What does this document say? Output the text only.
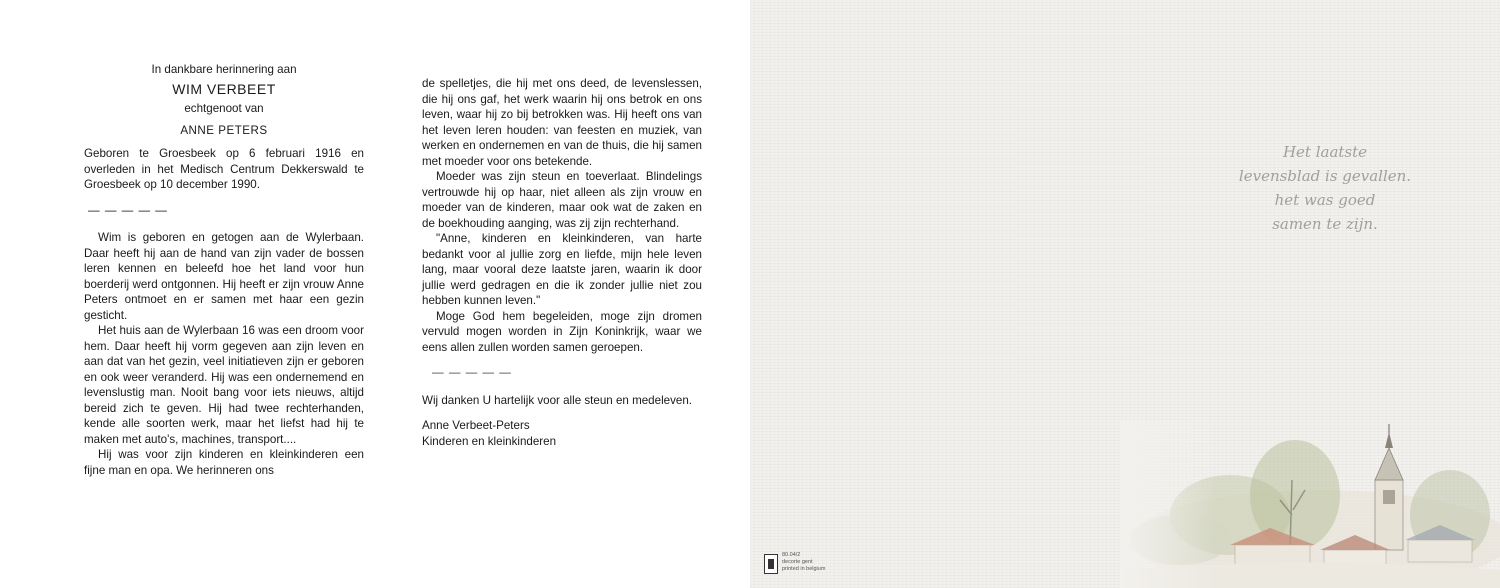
In dankbare herinnering aan

WIM VERBEET

echtgenoot van

ANNE PETERS

Geboren te Groesbeek op 6 februari 1916 en overleden in het Medisch Centrum Dekkerswald te Groesbeek op 10 december 1990.

— — — — —

Wim is geboren en getogen aan de Wylerbaan. Daar heeft hij aan de hand van zijn vader de bossen leren kennen en beleefd hoe het land voor hun boerderij werd ontgonnen. Hij heeft er zijn vrouw Anne Peters ontmoet en er samen met haar een gezin gesticht.

Het huis aan de Wylerbaan 16 was een droom voor hem. Daar heeft hij vorm gegeven aan zijn leven en aan dat van het gezin, veel initiatieven zijn er geboren en ook weer veranderd. Hij was een ondernemend en levenslustig man. Nooit bang voor iets nieuws, altijd bereid zich te geven. Hij had twee rechterhanden, kende alle soorten werk, maar het liefst had hij te maken met auto's, machines, transport....

Hij was voor zijn kinderen en kleinkinderen een fijne man en opa. We herinneren ons

de spelletjes, die hij met ons deed, de levenslessen, die hij ons gaf, het werk waarin hij ons betrok en ons leven, waar hij zo bij betrokken was. Hij heeft ons van het leven leren houden: van feesten en muziek, van werken en ondernemen en van de thuis, die hij samen met moeder voor ons betekende.

Moeder was zijn steun en toeverlaat. Blindelings vertrouwde hij op haar, niet alleen als zijn vrouw en moeder van de kinderen, maar ook wat de zaken en de boekhouding aanging, was zij zijn rechterhand.

"Anne, kinderen en kleinkinderen, van harte bedankt voor al jullie zorg en liefde, mijn hele leven lang, maar vooral deze laatste jaren, waarin ik door jullie werd gedragen en die ik zonder jullie niet zou hebben kunnen leven."

Moge God hem begeleiden, moge zijn dromen vervuld mogen worden in Zijn Koninkrijk, waar we eens allen zullen worden samen geroepen.

— — — — —

Wij danken U hartelijk voor alle steun en medeleven.

Anne Verbeet-Peters

Kinderen en kleinkinderen

Het laatste
levensblad is gevallen.
het was goed
samen te zijn.
80.04/2
decorte gent
printed in belgium
